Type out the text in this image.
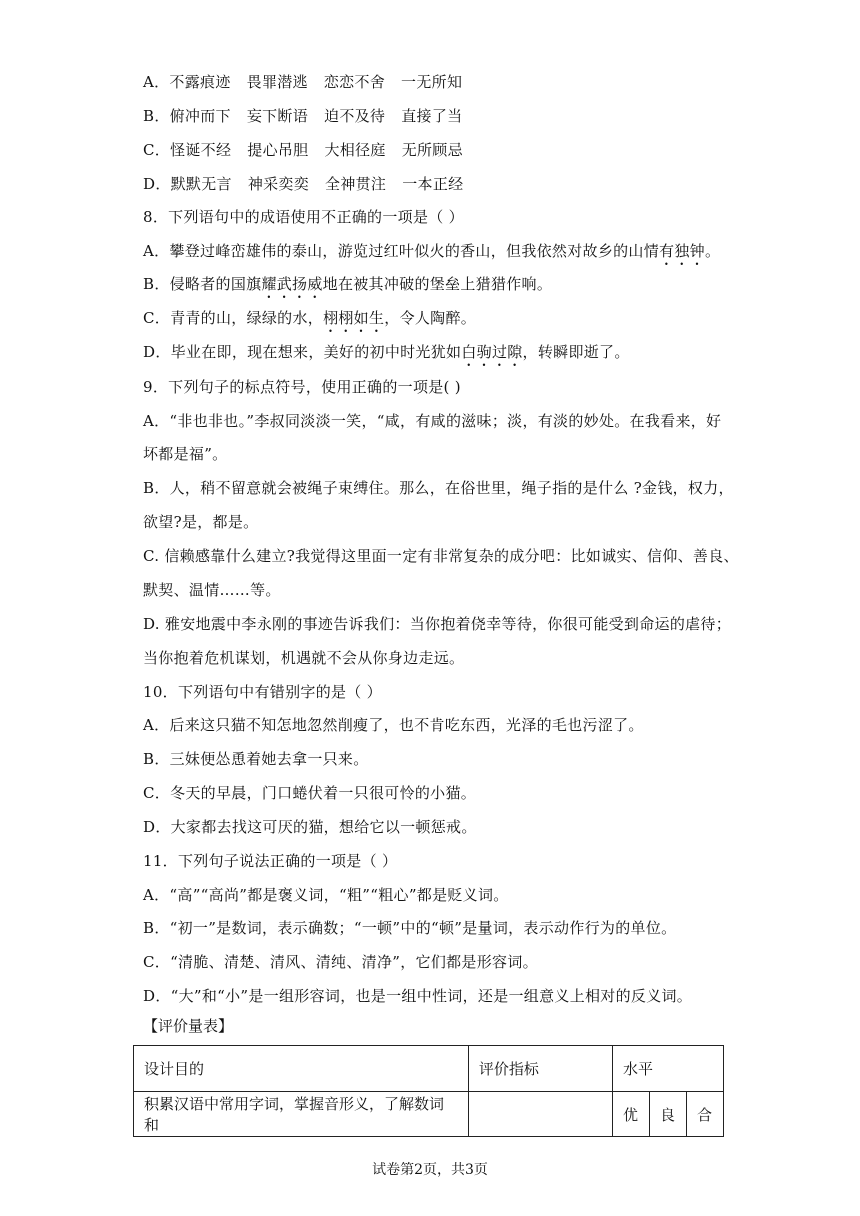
A．不露痕迹 畏罪潜逃 恋恋不舍 一无所知
B．俯冲而下 妄下断语 迫不及待 直接了当
C．怪诞不经 提心吊胆 大相径庭 无所顾忌
D．默默无言 神采奕奕 全神贯注 一本正经
8．下列语句中的成语使用不正确的一项是（ ）
A．攀登过峰峦雄伟的泰山，游览过红叶似火的香山，但我依然对故乡的山情有独钟。
B．侵略者的国旗耀武扬威地在被其冲破的堡垒上猎猎作响。
C．青青的山，绿绿的水，栩栩如生，令人陶醉。
D．毕业在即，现在想来，美好的初中时光犹如白驹过隙，转瞬即逝了。
9．下列句子的标点符号，使用正确的一项是( )
A．“非也非也。”李叔同淡淡一笑，“咸，有咸的滋味；淡，有淡的妙处。在我看来，好
坏都是福”。
B．人，稍不留意就会被绳子束缚住。那么，在俗世里，绳子指的是什么 ?金钱，权力，
欲望?是，都是。
C. 信赖感靠什么建立?我觉得这里面一定有非常复杂的成分吧：比如诚实、信仰、善良、
默契、温情……等。
D. 雅安地震中李永刚的事迹告诉我们：当你抱着侥幸等待，你很可能受到命运的虐待；
当你抱着危机谋划，机遇就不会从你身边走远。
10．下列语句中有错别字的是（ ）
A．后来这只猫不知怎地忽然削瘦了，也不肯吃东西，光泽的毛也污涩了。
B．三妹便怂恿着她去拿一只来。
C．冬天的早晨，门口蜷伏着一只很可怜的小猫。
D．大家都去找这可厌的猫，想给它以一顿惩戒。
11．下列句子说法正确的一项是（ ）
A．“高”“高尚”都是褒义词，“粗”“粗心”都是贬义词。
B．“初一”是数词，表示确数；“一顿”中的“顿”是量词，表示动作行为的单位。
C．“清脆、清楚、清风、清纯、清净”，它们都是形容词。
D．“大”和“小”是一组形容词，也是一组中性词，还是一组意义上相对的反义词。
【评价量表】
设计目的	评价指标	水平		
积累汉语中常用字词，掌握音形义，了解数词和		优	良	合
试卷第2页，共3页
